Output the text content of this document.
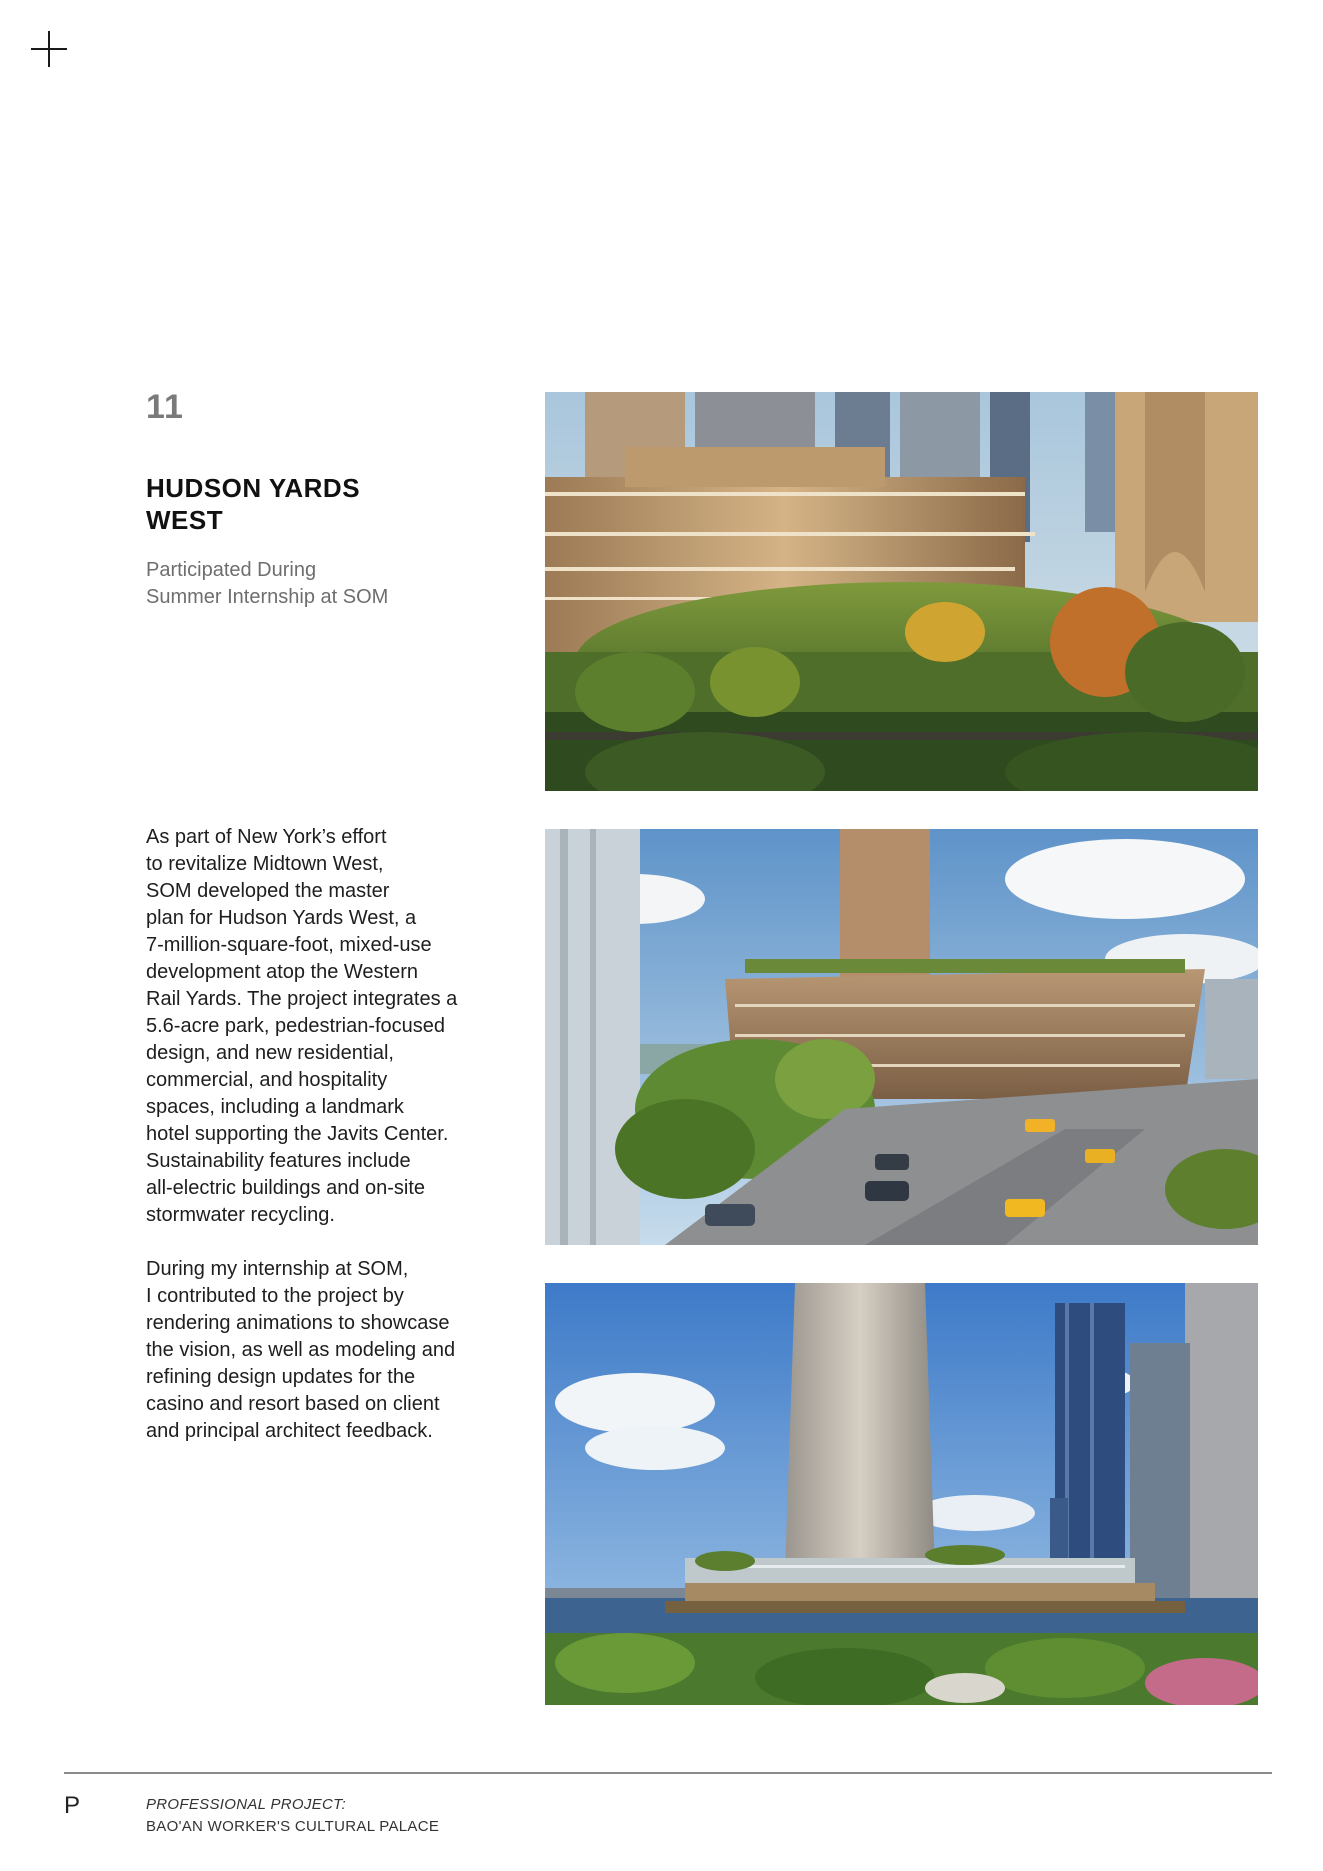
11
HUDSON YARDS
WEST
Participated During
Summer Internship at SOM

As part of New York’s effort
to revitalize Midtown West,
SOM developed the master
plan for Hudson Yards West, a
7-million-square-foot, mixed-use
development atop the Western
Rail Yards. The project integrates a
5.6-acre park, pedestrian-focused
design, and new residential,
commercial, and hospitality
spaces, including a landmark
hotel supporting the Javits Center.
Sustainability features include
all-electric buildings and on-site
stormwater recycling.

During my internship at SOM,
I contributed to the project by
rendering animations to showcase
the vision, as well as modeling and
refining design updates for the
casino and resort based on client
and principal architect feedback.

P	PROFESSIONAL PROJECT:
BAO'AN WORKER'S CULTURAL PALACE
